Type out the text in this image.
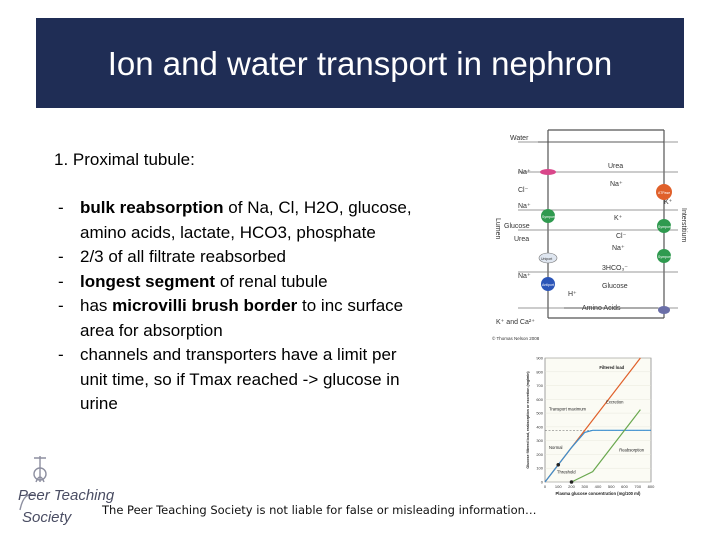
Ion and water transport in nephron
1. Proximal tubule:
- bulk reabsorption of Na, Cl, H2O, glucose, amino acids, lactate, HCO3, phosphate
- 2/3 of all filtrate reabsorbed
- longest segment of renal tubule
- has microvilli brush border to inc surface area for absorption
- channels and transporters have a limit per unit time, so if Tmax reached -> glucose in urine
The Peer Teaching Society is not liable for false or misleading information…
Peer Teaching
Society
Water
Na⁺
Cl⁻
Na⁺
Glucose
Urea
Na⁺
H⁺
K⁺ and Ca²⁺
Urea
Na⁺
K⁺
K⁺
Cl⁻
Na⁺
3HCO₃⁻
Glucose
Amino Acids
© Thomas Nelson 2008
Lumen	Interstitium
ATPase
Symport
Symport
Symport
Uniport
Antiport
0
100
200
300
400
500
600
700
800
900
0 100 200 300 400 500 600 700 800
Plasma glucose concentration (mg/100 ml)
Glucose filtered load, reabsorption or excretion (mg/min)
Filtered load
Transport maximum
Excretion
Normal
Reabsorption
Threshold
